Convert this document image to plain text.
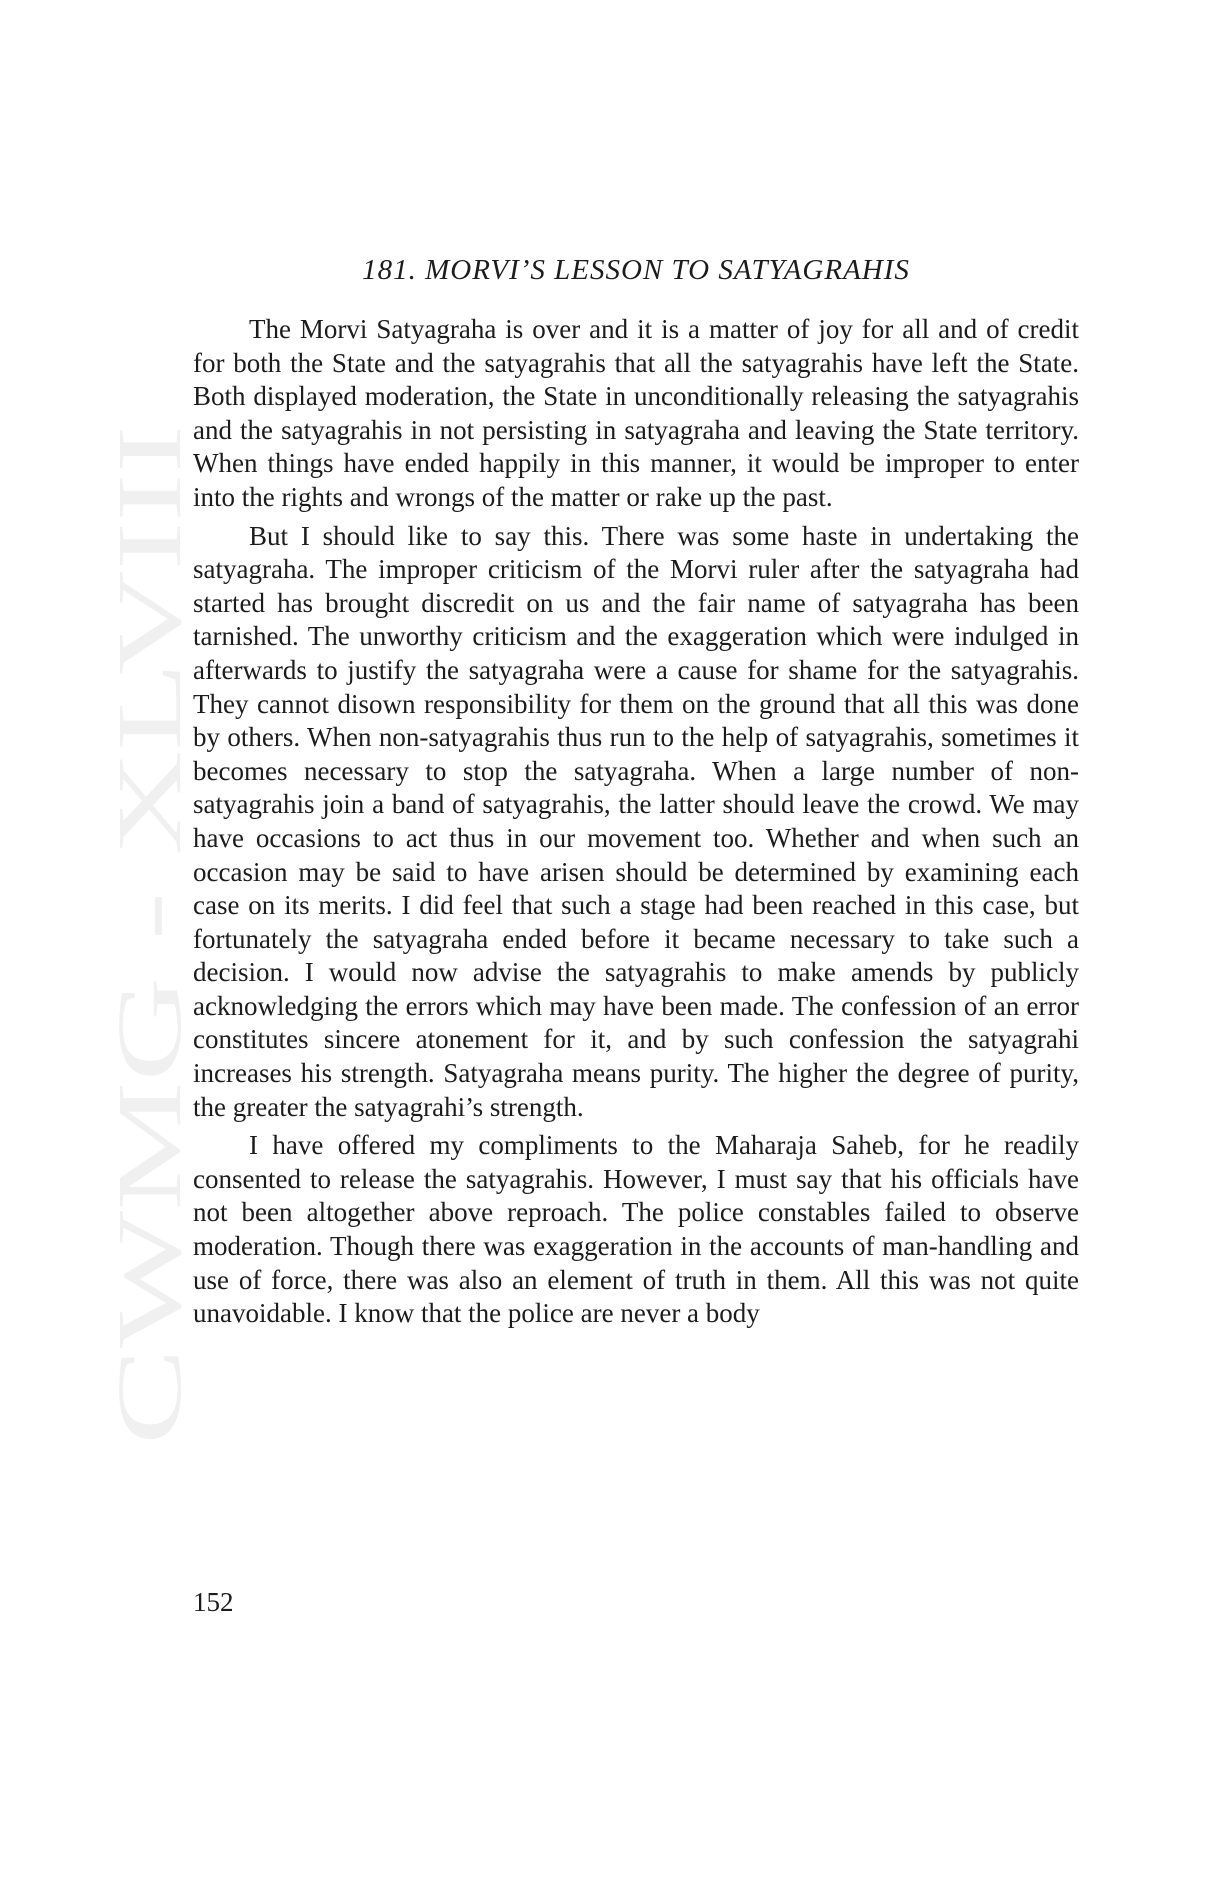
CWMG - XLVIII
181. MORVI’S LESSON TO SATYAGRAHIS

The Morvi Satyagraha is over and it is a matter of joy for all and of credit for both the State and the satyagrahis that all the satyagrahis have left the State. Both displayed moderation, the State in unconditionally releasing the satyagrahis and the satyagrahis in not persisting in satyagraha and leaving the State territory. When things have ended happily in this manner, it would be improper to enter into the rights and wrongs of the matter or rake up the past.

But I should like to say this. There was some haste in undertaking the satyagraha. The improper criticism of the Morvi ruler after the satyagraha had started has brought discredit on us and the fair name of satyagraha has been tarnished. The unworthy criticism and the exaggeration which were indulged in afterwards to justify the satyagraha were a cause for shame for the satyagrahis. They cannot disown responsibility for them on the ground that all this was done by others. When non-satyagrahis thus run to the help of satyagrahis, sometimes it becomes necessary to stop the satyagraha. When a large number of non-satyagrahis join a band of satyagrahis, the latter should leave the crowd. We may have occasions to act thus in our movement too. Whether and when such an occasion may be said to have arisen should be determined by examining each case on its merits. I did feel that such a stage had been reached in this case, but fortunately the satyagraha ended before it became necessary to take such a decision. I would now advise the satyagrahis to make amends by publicly acknowledging the errors which may have been made. The confession of an error constitutes sincere atonement for it, and by such confession the satyagrahi increases his strength. Satyagraha means purity. The higher the degree of purity, the greater the satyagrahi’s strength.

I have offered my compliments to the Maharaja Saheb, for he readily consented to release the satyagrahis. However, I must say that his officials have not been altogether above reproach. The police constables failed to observe moderation. Though there was exaggeration in the accounts of man-handling and use of force, there was also an element of truth in them. All this was not quite unavoidable. I know that the police are never a body

152
